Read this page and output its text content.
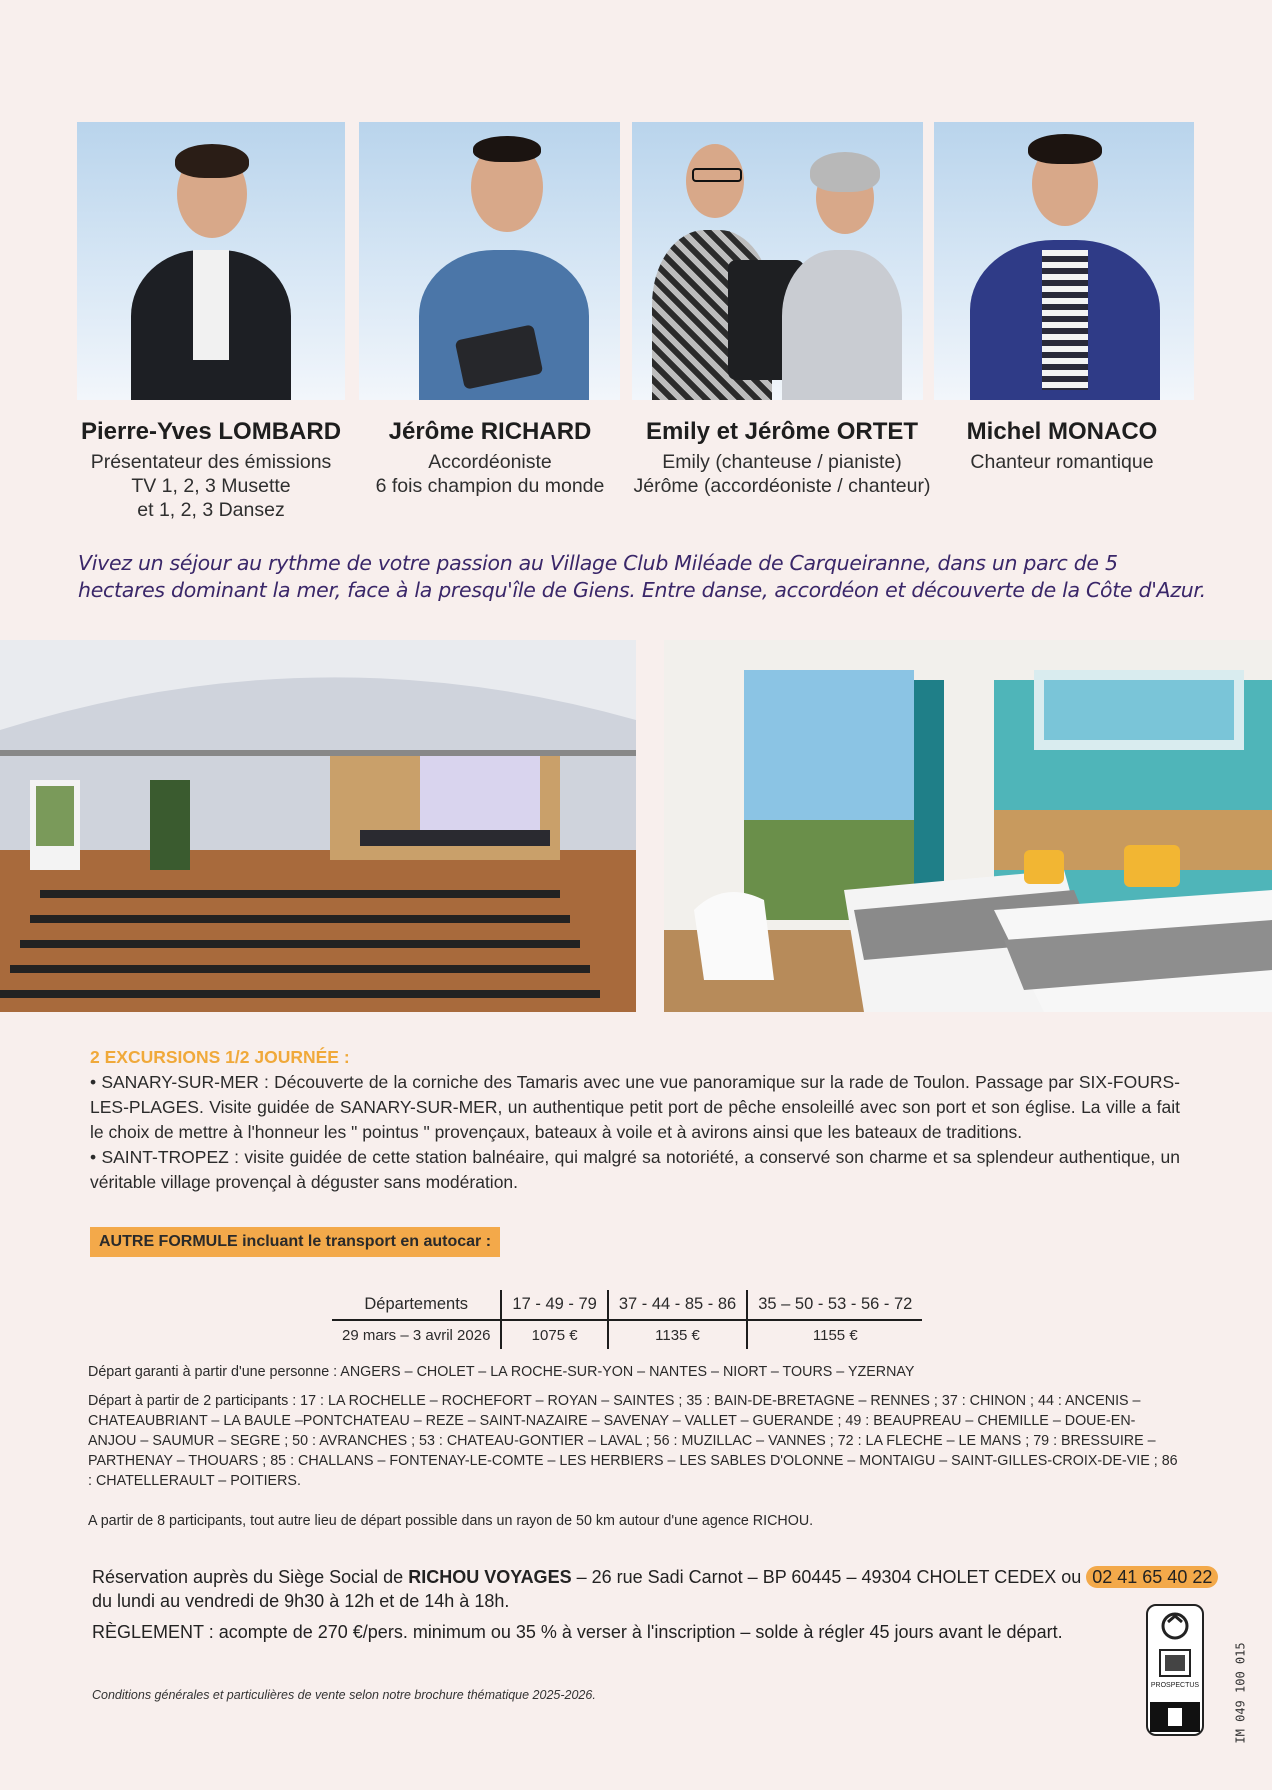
Pierre-Yves LOMBARD
Présentateur des émissions
TV 1, 2, 3 Musette
et 1, 2, 3 Dansez
Jérôme RICHARD
Accordéoniste
6 fois champion du monde
Emily et Jérôme ORTET
Emily (chanteuse / pianiste)
Jérôme (accordéoniste / chanteur)
Michel MONACO
Chanteur romantique
Vivez un séjour au rythme de votre passion au Village Club Miléade de Carqueiranne, dans un parc de 5 hectares dominant la mer, face à la presqu'île de Giens. Entre danse, accordéon et découverte de la Côte d'Azur.
2 EXCURSIONS 1/2 JOURNÉE :
• SANARY-SUR-MER : Découverte de la corniche des Tamaris avec une vue panoramique sur la rade de Toulon. Passage par SIX-FOURS-LES-PLAGES. Visite guidée de SANARY-SUR-MER, un authentique petit port de pêche ensoleillé avec son port et son église. La ville a fait le choix de mettre à l'honneur les " pointus " provençaux, bateaux à voile et à avirons ainsi que les bateaux de traditions.
• SAINT-TROPEZ : visite guidée de cette station balnéaire, qui malgré sa notoriété, a conservé son charme et sa splendeur authentique, un véritable village provençal à déguster sans modération.
AUTRE FORMULE incluant le transport en autocar :
Départements	17 - 49 - 79	37 - 44 - 85 - 86	35 – 50 - 53 - 56 - 72
29 mars – 3 avril 2026	1075 €	1135 €	1155 €
Départ garanti à partir d'une personne : ANGERS – CHOLET – LA ROCHE-SUR-YON – NANTES – NIORT – TOURS – YZERNAY
Départ à partir de 2 participants : 17 : LA ROCHELLE – ROCHEFORT – ROYAN – SAINTES ; 35 : BAIN-DE-BRETAGNE – RENNES ; 37 : CHINON ; 44 : ANCENIS – CHATEAUBRIANT – LA BAULE –PONTCHATEAU – REZE – SAINT-NAZAIRE – SAVENAY – VALLET – GUERANDE ; 49 : BEAUPREAU – CHEMILLE – DOUE-EN-ANJOU – SAUMUR – SEGRE ; 50 : AVRANCHES ; 53 : CHATEAU-GONTIER – LAVAL ; 56 : MUZILLAC – VANNES ; 72 : LA FLECHE – LE MANS ; 79 : BRESSUIRE – PARTHENAY – THOUARS ; 85 : CHALLANS – FONTENAY-LE-COMTE – LES HERBIERS – LES SABLES D'OLONNE – MONTAIGU – SAINT-GILLES-CROIX-DE-VIE ; 86 : CHATELLERAULT – POITIERS.
A partir de 8 participants, tout autre lieu de départ possible dans un rayon de 50 km autour d'une agence RICHOU.
Réservation auprès du Siège Social de RICHOU VOYAGES – 26 rue Sadi Carnot – BP 60445 – 49304 CHOLET CEDEX ou 02 41 65 40 22
du lundi au vendredi de 9h30 à 12h et de 14h à 18h.
RÈGLEMENT : acompte de 270 €/pers. minimum ou 35 % à verser à l'inscription – solde à régler 45 jours avant le départ.
Conditions générales et particulières de vente selon notre brochure thématique 2025-2026.
PROSPECTUS	IM 049 100 015
